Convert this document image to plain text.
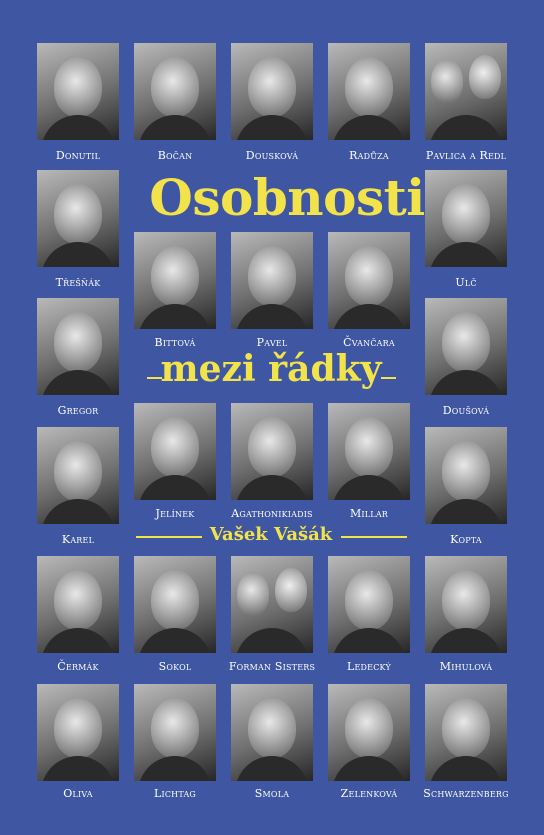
Donutil	Bočan	Dousková	Radůza	Pavlica a Redl
Osobnosti
Třešňák	Ulč
Bittová	Pavel	Čvančara
Gregor	Doušová
mezi řádky
Jelínek	Agathonikiadis	Millar
Karel	Kopta
Vašek Vašák
Čermák	Sokol	Forman Sisters	Ledecký	Mihulová
Oliva	Lichtag	Smola	Zelenková Schwarzenberg
